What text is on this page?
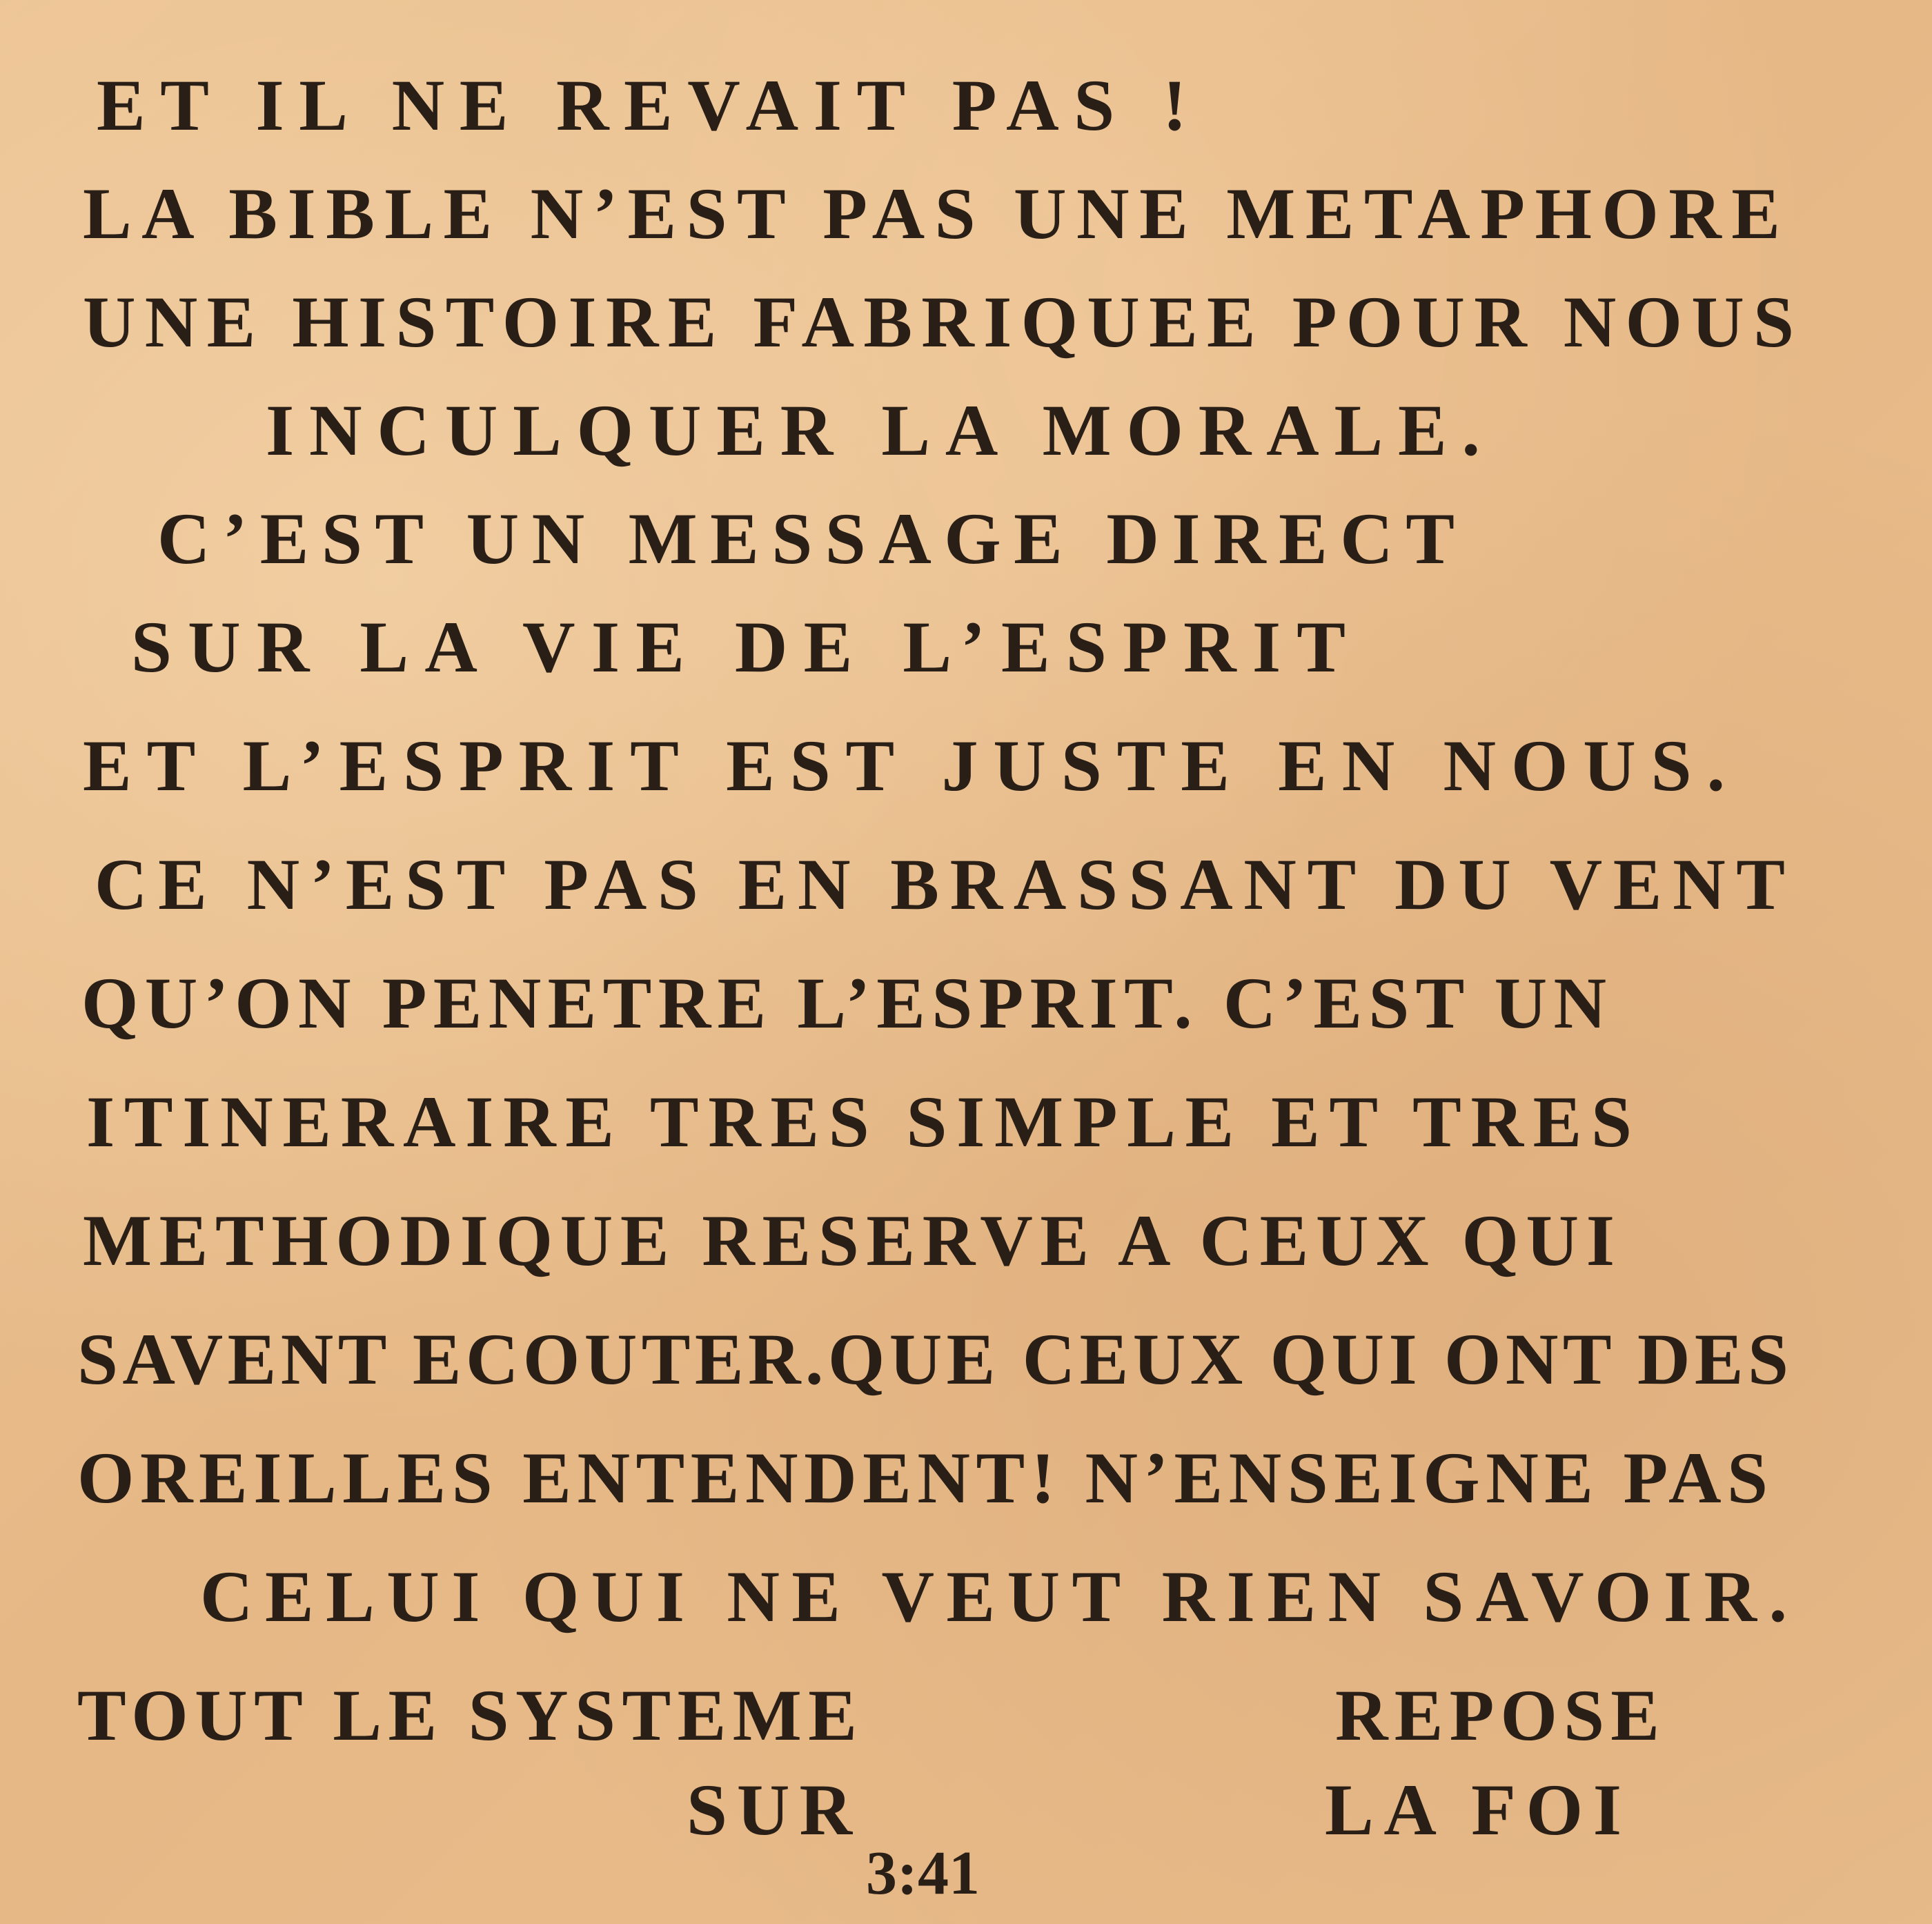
ET IL NE REVAIT PAS !

LA BIBLE N’EST PAS UNE METAPHORE

UNE HISTOIRE FABRIQUEE POUR NOUS

INCULQUER LA MORALE.

C’EST UN MESSAGE DIRECT

SUR LA VIE DE L’ESPRIT

ET L’ESPRIT EST JUSTE EN NOUS.

CE N’EST PAS EN BRASSANT DU VENT

QU’ON PENETRE L’ESPRIT. C’EST UN

ITINERAIRE TRES SIMPLE ET TRES

METHODIQUE RESERVE A CEUX QUI

SAVENT ECOUTER.QUE CEUX QUI ONT DES

OREILLES ENTENDENT! N’ENSEIGNE PAS

CELUI QUI NE VEUT RIEN SAVOIR.

TOUT LE SYSTEME	REPOSE

SUR	LA FOI

3:41
